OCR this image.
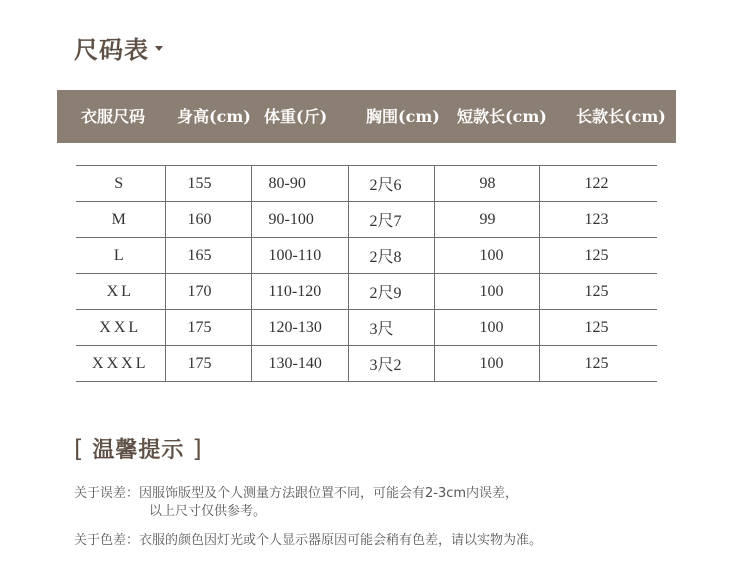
尺码表
衣服尺码 身高(cm) 体重(斤) 胸围(cm) 短款长(cm) 长款长(cm)
S	155	80-90	2尺6	98	122
M	160	90-100	2尺7	99	123
L	165	100-110	2尺8	100	125
XL	170	110-120	2尺9	100	125
XXL	175	120-130	3尺	100	125
XXXL	175	130-140	3尺2	100	125
[ 温馨提示 ]
关于误差：因服饰版型及个人测量方法跟位置不同，可能会有2-3cm内误差，
以上尺寸仅供参考。
关于色差：衣服的颜色因灯光或个人显示器原因可能会稍有色差，请以实物为准。
